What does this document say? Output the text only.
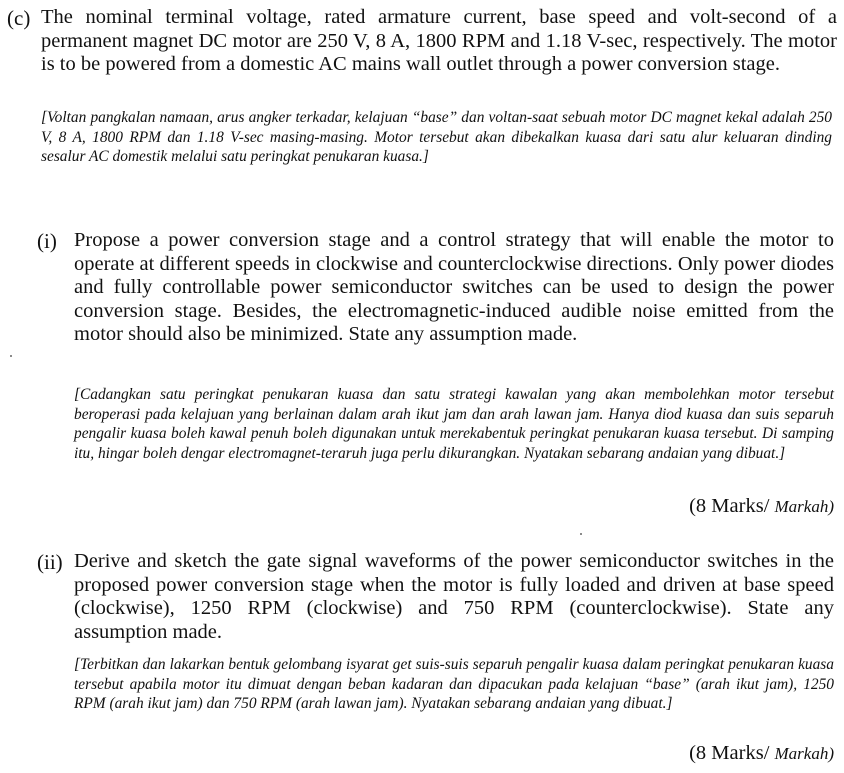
(c) The nominal terminal voltage, rated armature current, base speed and volt-second of a permanent magnet DC motor are 250 V, 8 A, 1800 RPM and 1.18 V-sec, respectively. The motor is to be powered from a domestic AC mains wall outlet through a power conversion stage.

[Voltan pangkalan namaan, arus angker terkadar, kelajuan “base” dan voltan-saat sebuah motor DC magnet kekal adalah 250 V, 8 A, 1800 RPM dan 1.18 V-sec masing-masing. Motor tersebut akan dibekalkan kuasa dari satu alur keluaran dinding sesalur AC domestik melalui satu peringkat penukaran kuasa.]

(i) Propose a power conversion stage and a control strategy that will enable the motor to operate at different speeds in clockwise and counterclockwise directions. Only power diodes and fully controllable power semiconductor switches can be used to design the power conversion stage. Besides, the electromagnetic-induced audible noise emitted from the motor should also be minimized. State any assumption made.

[Cadangkan satu peringkat penukaran kuasa dan satu strategi kawalan yang akan membolehkan motor tersebut beroperasi pada kelajuan yang berlainan dalam arah ikut jam dan arah lawan jam. Hanya diod kuasa dan suis separuh pengalir kuasa boleh kawal penuh boleh digunakan untuk merekabentuk peringkat penukaran kuasa tersebut. Di samping itu, hingar boleh dengar electromagnet-teraruh juga perlu dikurangkan. Nyatakan sebarang andaian yang dibuat.]

(8 Marks/ Markah)
(ii) Derive and sketch the gate signal waveforms of the power semiconductor switches in the proposed power conversion stage when the motor is fully loaded and driven at base speed (clockwise), 1250 RPM (clockwise) and 750 RPM (counterclockwise). State any assumption made.

[Terbitkan dan lakarkan bentuk gelombang isyarat get suis-suis separuh pengalir kuasa dalam peringkat penukaran kuasa tersebut apabila motor itu dimuat dengan beban kadaran dan dipacukan pada kelajuan “base” (arah ikut jam), 1250 RPM (arah ikut jam) dan 750 RPM (arah lawan jam). Nyatakan sebarang andaian yang dibuat.]

(8 Marks/ Markah)
